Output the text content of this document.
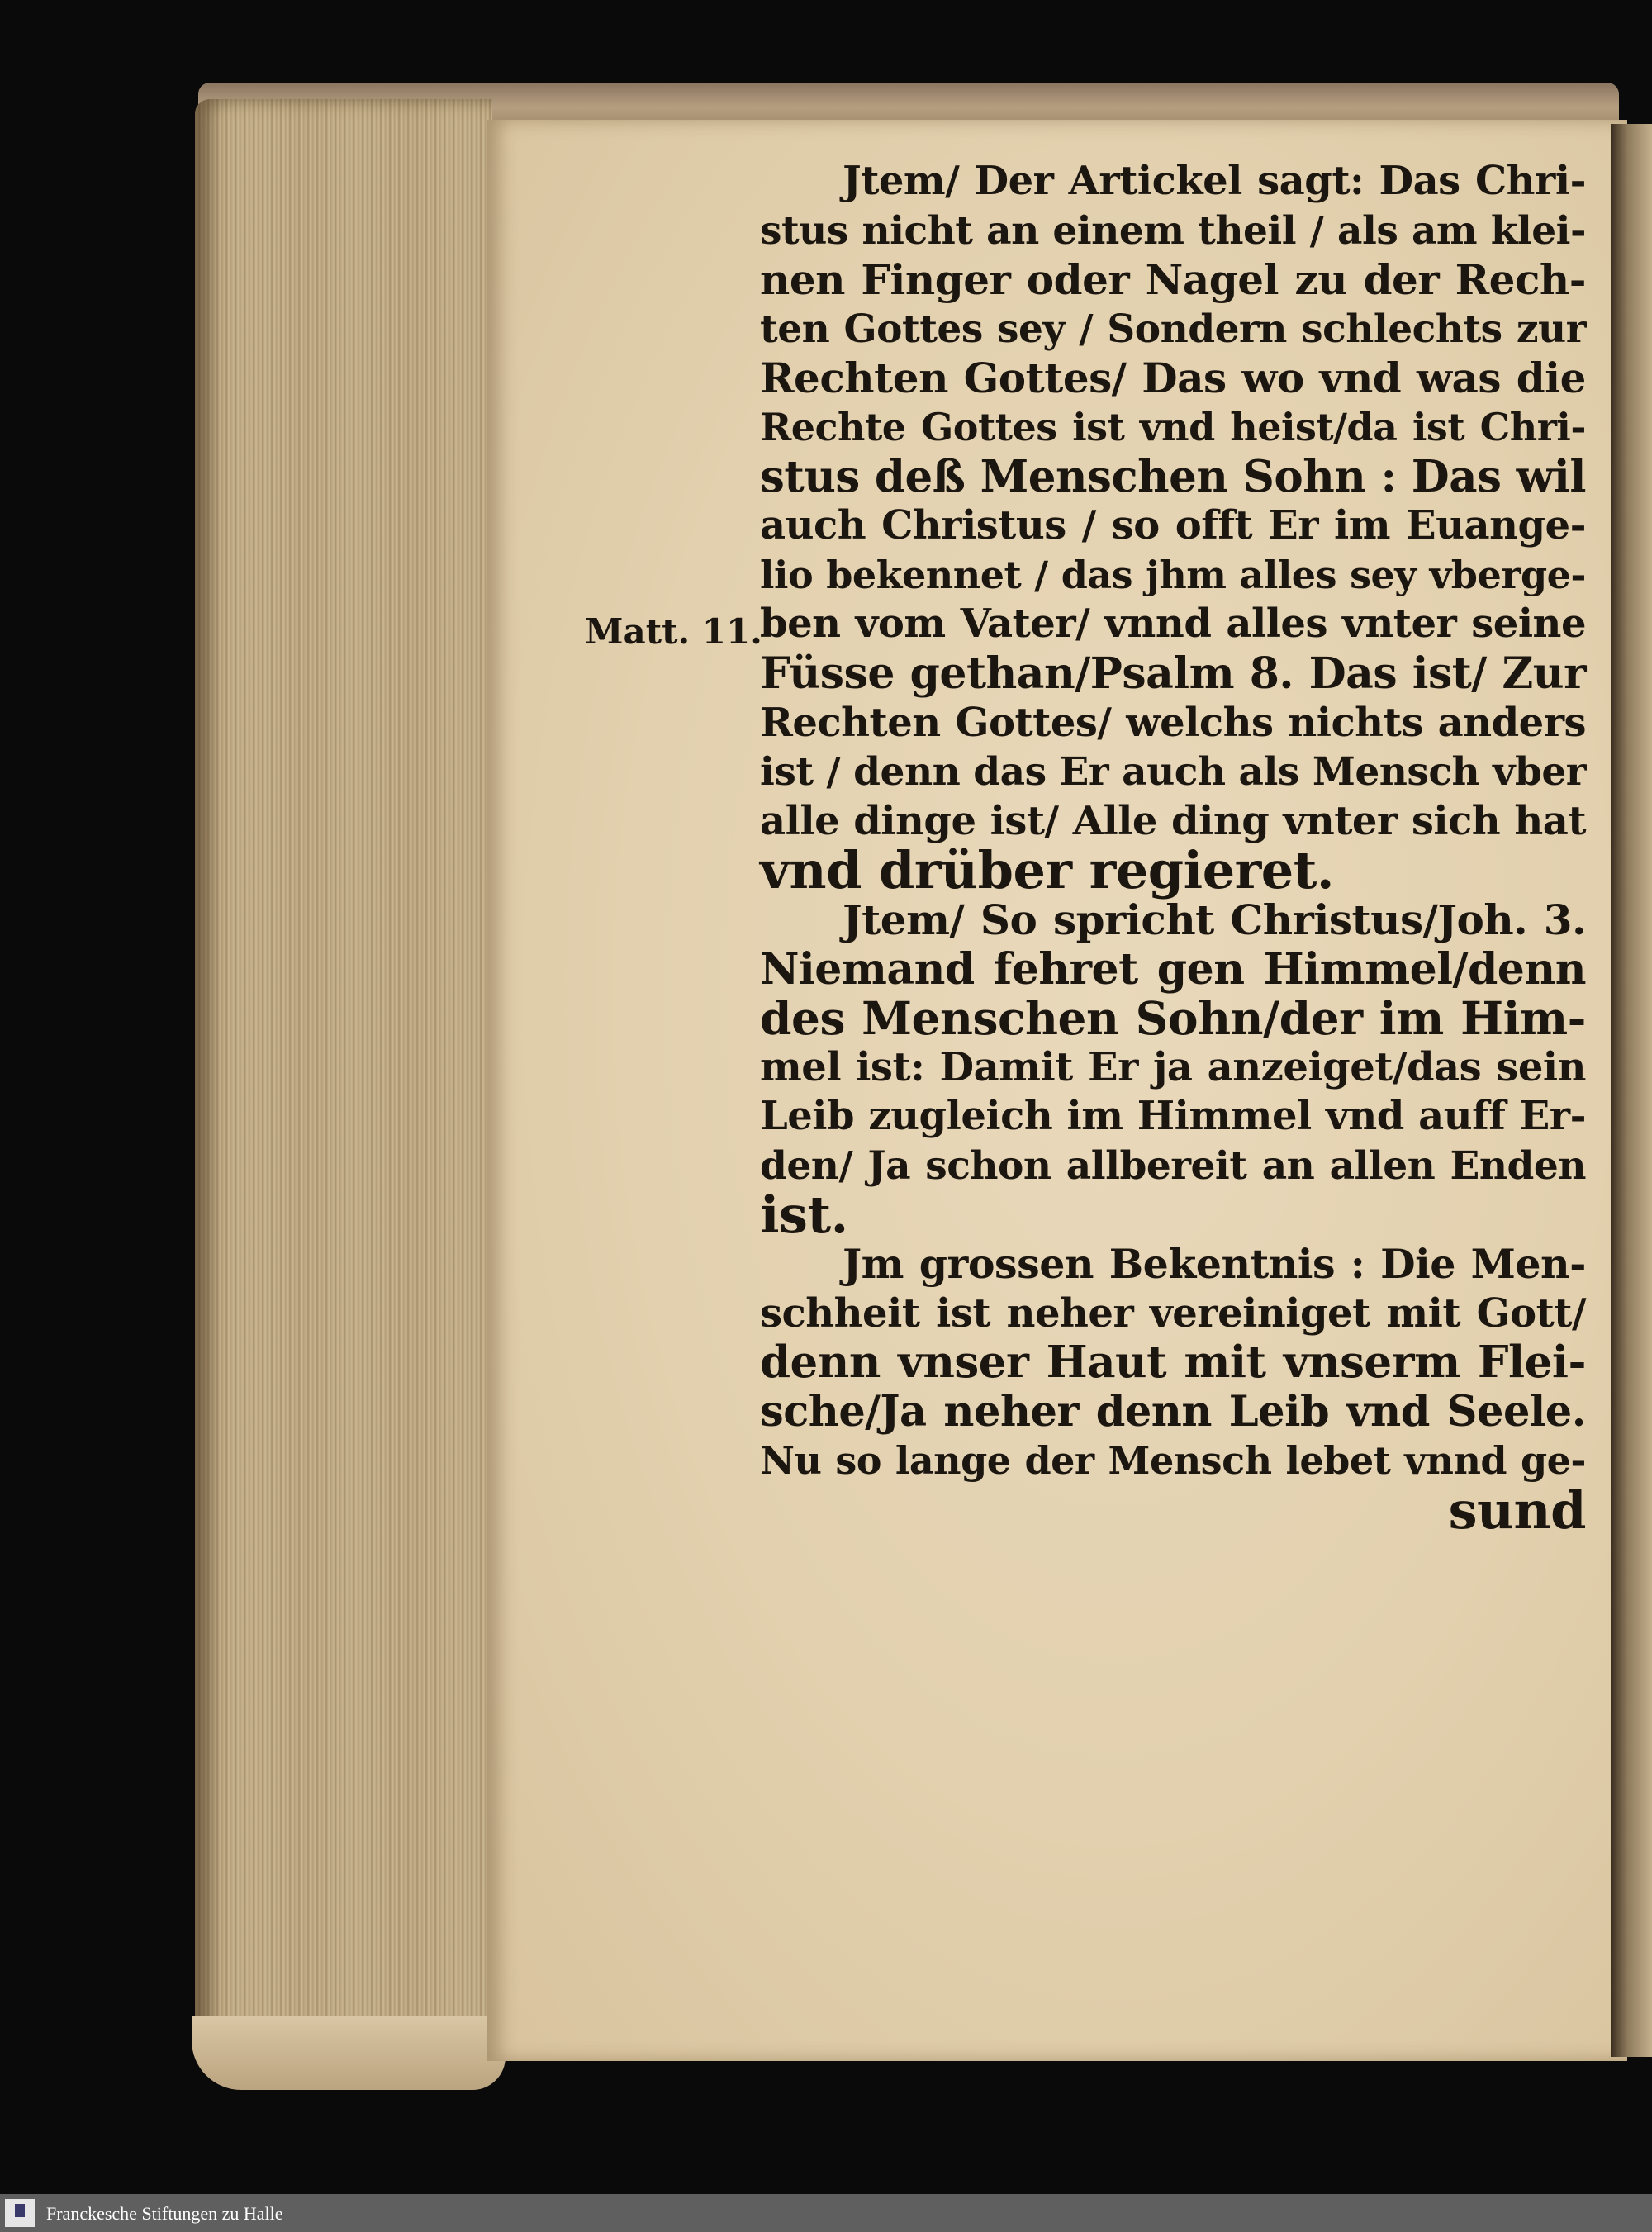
Matt. 11.
Jtem/ Der Artickel sagt: Das Chri-
stus nicht an einem theil / als am klei-
nen Finger oder Nagel zu der Rech-
ten Gottes sey / Sondern schlechts zur
Rechten Gottes/ Das wo vnd was die
Rechte Gottes ist vnd heist/da ist Chri-
stus deß Menschen Sohn : Das wil
auch Christus / so offt Er im Euange-
lio bekennet / das jhm alles sey vberge-
ben vom Vater/ vnnd alles vnter seine
Füsse gethan/Psalm 8. Das ist/ Zur
Rechten Gottes/ welchs nichts anders
ist / denn das Er auch als Mensch vber
alle dinge ist/ Alle ding vnter sich hat
vnd drüber regieret.
Jtem/ So spricht Christus/Joh. 3.
Niemand fehret gen Himmel/denn
des Menschen Sohn/der im Him-
mel ist: Damit Er ja anzeiget/das sein
Leib zugleich im Himmel vnd auff Er-
den/ Ja schon allbereit an allen Enden
ist.
Jm grossen Bekentnis : Die Men-
schheit ist neher vereiniget mit Gott/
denn vnser Haut mit vnserm Flei-
sche/Ja neher denn Leib vnd Seele.
Nu so lange der Mensch lebet vnnd ge-
sund
Franckesche Stiftungen zu Halle
